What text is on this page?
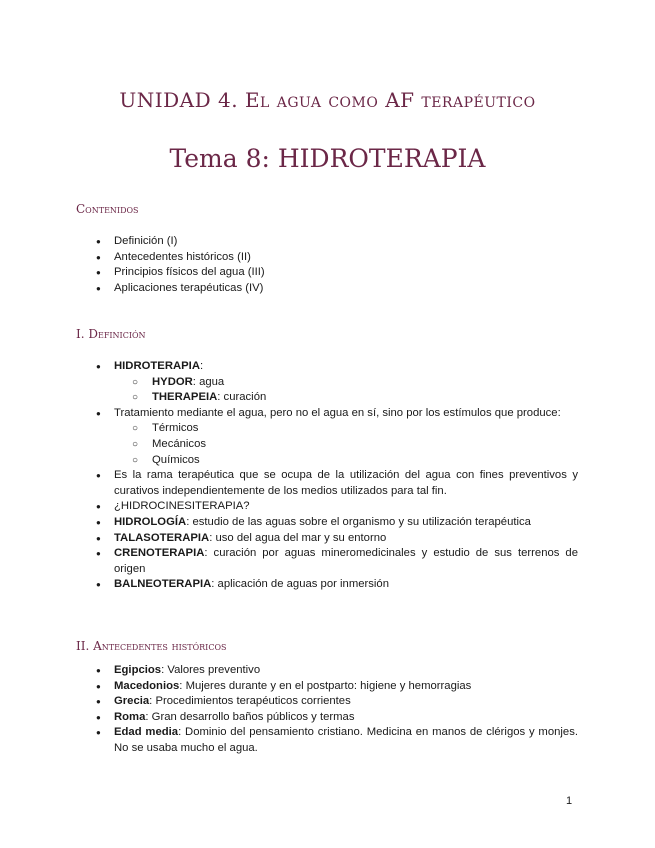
UNIDAD 4. El agua como AF terapéutico
Tema 8: HIDROTERAPIA
Contenidos
● Definición (I)
● Antecedentes históricos (II)
● Principios físicos del agua (III)
● Aplicaciones terapéuticas (IV)
I. Definición
● HIDROTERAPIA:
○ HYDOR: agua
○ THERAPEIA: curación
● Tratamiento mediante el agua, pero no el agua en sí, sino por los estímulos que produce:
○ Térmicos
○ Mecánicos
○ Químicos
● Es la rama terapéutica que se ocupa de la utilización del agua con fines preventivos y curativos independientemente de los medios utilizados para tal fin.
● ¿HIDROCINESITERAPIA?
● HIDROLOGÍA: estudio de las aguas sobre el organismo y su utilización terapéutica
● TALASOTERAPIA: uso del agua del mar y su entorno
● CRENOTERAPIA: curación por aguas mineromedicinales y estudio de sus terrenos de origen
● BALNEOTERAPIA: aplicación de aguas por inmersión
II. Antecedentes históricos
● Egipcios: Valores preventivo
● Macedonios: Mujeres durante y en el postparto: higiene y hemorragias
● Grecia: Procedimientos terapéuticos corrientes
● Roma: Gran desarrollo baños públicos y termas
● Edad media: Dominio del pensamiento cristiano. Medicina en manos de clérigos y monjes. No se usaba mucho el agua.
1
